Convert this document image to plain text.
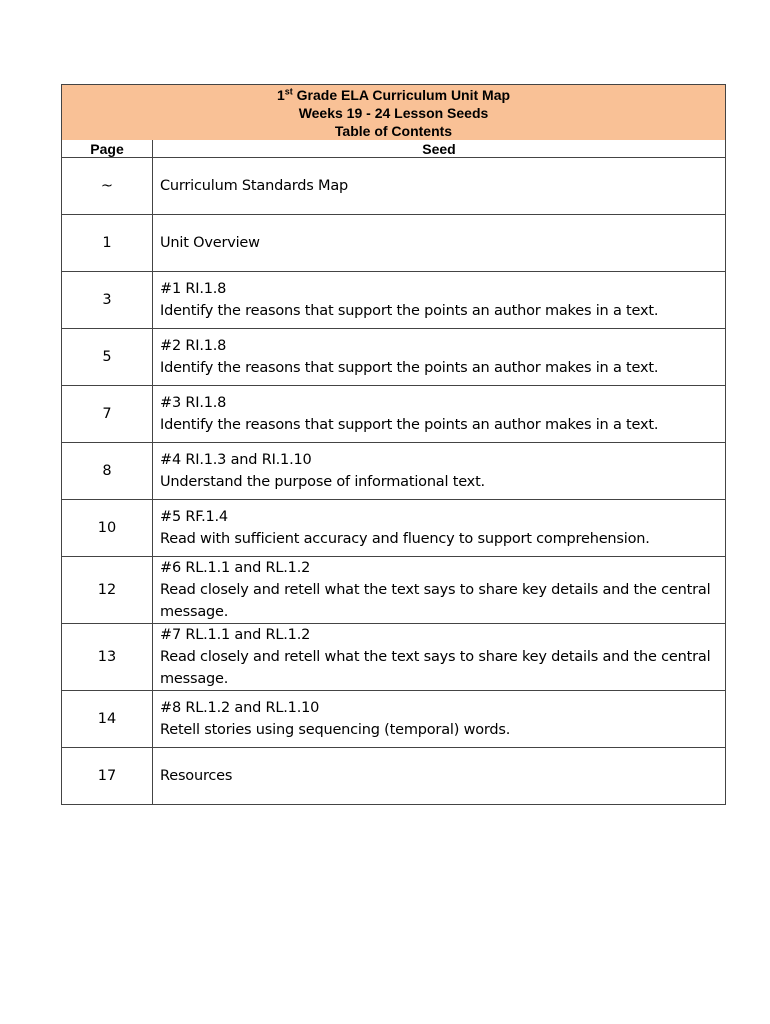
1st Grade ELA Curriculum Unit Map
Weeks 19 - 24 Lesson Seeds
Table of Contents	

Page	Seed
~	Curriculum Standards Map

1	Unit Overview

3	#1 RI.1.8
Identify the reasons that support the points an author makes in a text.

5	#2 RI.1.8
Identify the reasons that support the points an author makes in a text.

7	#3 RI.1.8
Identify the reasons that support the points an author makes in a text.

8	#4 RI.1.3 and RI.1.10
Understand the purpose of informational text.

10	#5 RF.1.4
Read with sufficient accuracy and fluency to support comprehension.

12	#6 RL.1.1 and RL.1.2
Read closely and retell what the text says to share key details and the central
message.

13	#7 RL.1.1 and RL.1.2
Read closely and retell what the text says to share key details and the central
message.

14	#8 RL.1.2 and RL.1.10
Retell stories using sequencing (temporal) words.

17	Resources
